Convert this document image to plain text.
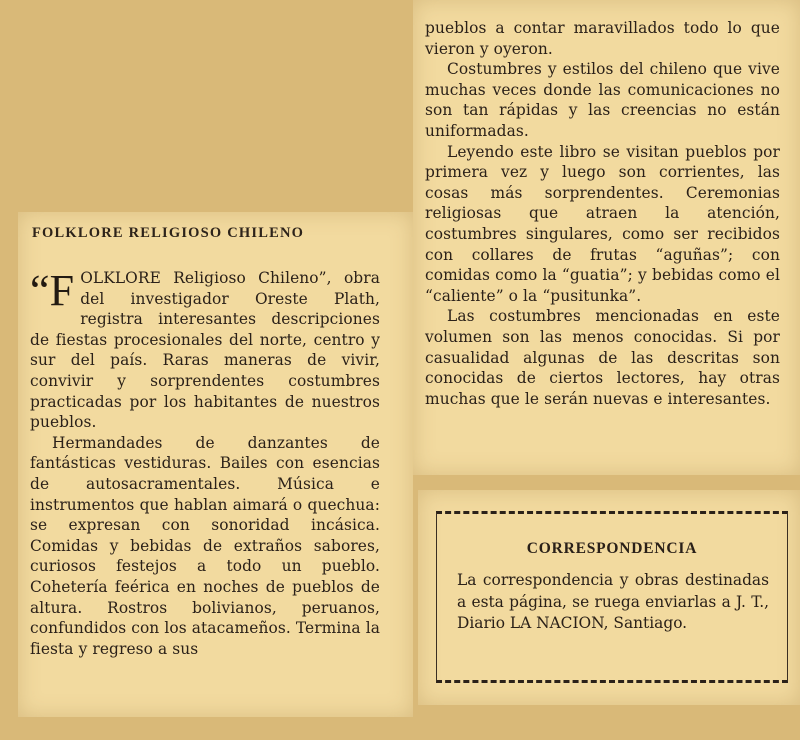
FOLKLORE RELIGIOSO CHILENO

“FOLKLORE Religioso Chileno”, obra del investigador Oreste Plath, registra interesantes descripciones de fiestas procesionales del norte, centro y sur del país. Raras maneras de vivir, convivir y sorprendentes costumbres practicadas por los habitantes de nuestros pueblos.

Hermandades de danzantes de fantásticas vestiduras. Bailes con esencias de autosacramentales. Música e instrumentos que hablan aimará o quechua: se expresan con sonoridad incásica. Comidas y bebidas de extraños sabores, curiosos festejos a todo un pueblo. Cohetería feérica en noches de pueblos de altura. Rostros bolivianos, peruanos, confundidos con los atacameños. Termina la fiesta y regreso a sus

pueblos a contar maravillados todo lo que vieron y oyeron.

Costumbres y estilos del chileno que vive muchas veces donde las comunicaciones no son tan rápidas y las creencias no están uniformadas.

Leyendo este libro se visitan pueblos por primera vez y luego son corrientes, las cosas más sorprendentes. Ceremonias religiosas que atraen la atención, costumbres singulares, como ser recibidos con collares de frutas “aguñas”; con comidas como la “guatia”; y bebidas como el “caliente” o la “pusitunka”.

Las costumbres mencionadas en este volumen son las menos conocidas. Si por casualidad algunas de las descritas son conocidas de ciertos lectores, hay otras muchas que le serán nuevas e interesantes.

CORRESPONDENCIA
La correspondencia y obras destinadas a esta página, se ruega enviarlas a J. T., Diario LA NACION, Santiago.
